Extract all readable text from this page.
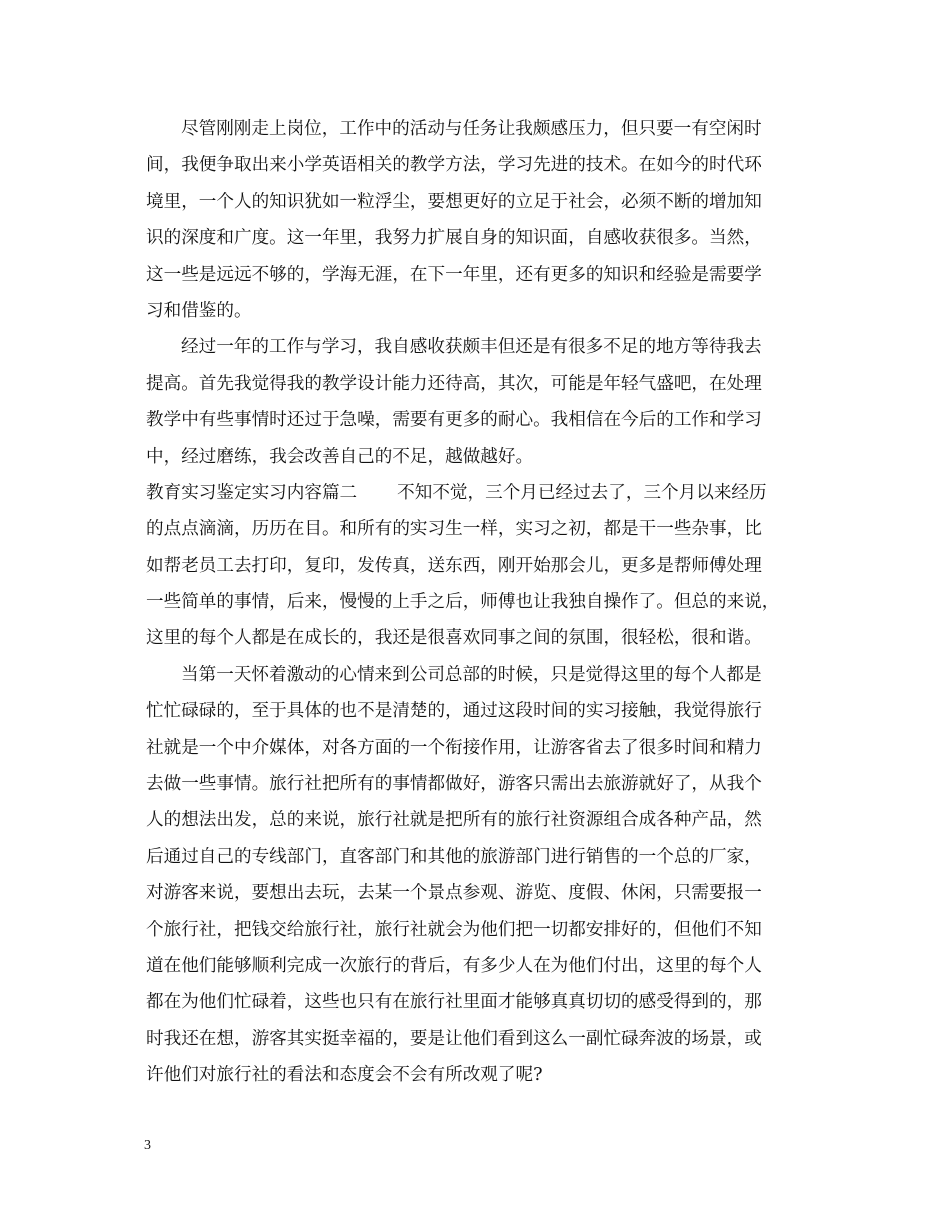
尽管刚刚走上岗位，工作中的活动与任务让我颇感压力，但只要一有空闲时
间，我便争取出来小学英语相关的教学方法，学习先进的技术。在如今的时代环
境里，一个人的知识犹如一粒浮尘，要想更好的立足于社会，必须不断的增加知
识的深度和广度。这一年里，我努力扩展自身的知识面，自感收获很多。当然，
这一些是远远不够的，学海无涯，在下一年里，还有更多的知识和经验是需要学
习和借鉴的。
经过一年的工作与学习，我自感收获颇丰但还是有很多不足的地方等待我去
提高。首先我觉得我的教学设计能力还待高，其次，可能是年轻气盛吧，在处理
教学中有些事情时还过于急噪，需要有更多的耐心。我相信在今后的工作和学习
中，经过磨练，我会改善自己的不足，越做越好。
教育实习鉴定实习内容篇二 不知不觉，三个月已经过去了，三个月以来经历
的点点滴滴，历历在目。和所有的实习生一样，实习之初，都是干一些杂事，比
如帮老员工去打印，复印，发传真，送东西，刚开始那会儿，更多是帮师傅处理
一些简单的事情，后来，慢慢的上手之后，师傅也让我独自操作了。但总的来说，
这里的每个人都是在成长的，我还是很喜欢同事之间的氛围，很轻松，很和谐。
当第一天怀着激动的心情来到公司总部的时候，只是觉得这里的每个人都是
忙忙碌碌的，至于具体的也不是清楚的，通过这段时间的实习接触，我觉得旅行
社就是一个中介媒体，对各方面的一个衔接作用，让游客省去了很多时间和精力
去做一些事情。旅行社把所有的事情都做好，游客只需出去旅游就好了，从我个
人的想法出发，总的来说，旅行社就是把所有的旅行社资源组合成各种产品，然
后通过自己的专线部门，直客部门和其他的旅游部门进行销售的一个总的厂家，
对游客来说，要想出去玩，去某一个景点参观、游览、度假、休闲，只需要报一
个旅行社，把钱交给旅行社，旅行社就会为他们把一切都安排好的，但他们不知
道在他们能够顺利完成一次旅行的背后，有多少人在为他们付出，这里的每个人
都在为他们忙碌着，这些也只有在旅行社里面才能够真真切切的感受得到的，那
时我还在想，游客其实挺幸福的，要是让他们看到这么一副忙碌奔波的场景，或
许他们对旅行社的看法和态度会不会有所改观了呢?
3
